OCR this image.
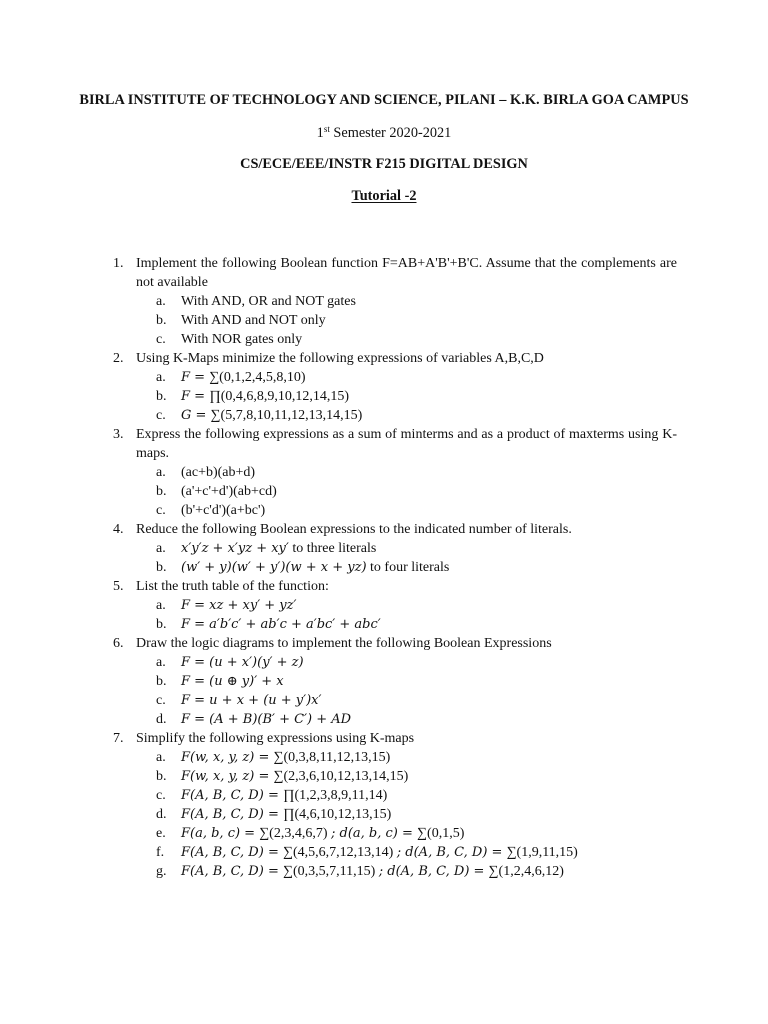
BIRLA INSTITUTE OF TECHNOLOGY AND SCIENCE, PILANI – K.K. BIRLA GOA CAMPUS
1st Semester 2020-2021
CS/ECE/EEE/INSTR F215 DIGITAL DESIGN
Tutorial -2
1. Implement the following Boolean function F=AB+A'B'+B'C. Assume that the complements are not available
a. With AND, OR and NOT gates
b. With AND and NOT only
c. With NOR gates only
2. Using K-Maps minimize the following expressions of variables A,B,C,D
a. F = ∑(0,1,2,4,5,8,10)
b. F = ∏(0,4,6,8,9,10,12,14,15)
c. G = ∑(5,7,8,10,11,12,13,14,15)
3. Express the following expressions as a sum of minterms and as a product of maxterms using K-maps.
a. (ac+b)(ab+d)
b. (a'+c'+d')(ab+cd)
c. (b'+c'd')(a+bc')
4. Reduce the following Boolean expressions to the indicated number of literals.
a. x′y′z + x′yz + xy′ to three literals
b. (w′ + y)(w′ + y′)(w + x + yz) to four literals
5. List the truth table of the function:
a. F = xz + xy′ + yz′
b. F = a′b′c′ + ab′c + a′bc′ + abc′
6. Draw the logic diagrams to implement the following Boolean Expressions
a. F = (u + x′)(y′ + z)
b. F = (u ⊕ y)′ + x
c. F = u + x + (u + y′)x′
d. F = (A + B)(B′ + C′) + AD
7. Simplify the following expressions using K-maps
a. F(w, x, y, z) = ∑(0,3,8,11,12,13,15)
b. F(w, x, y, z) = ∑(2,3,6,10,12,13,14,15)
c. F(A, B, C, D) = ∏(1,2,3,8,9,11,14)
d. F(A, B, C, D) = ∏(4,6,10,12,13,15)
e. F(a, b, c) = ∑(2,3,4,6,7) ; d(a, b, c) = ∑(0,1,5)
f. F(A, B, C, D) = ∑(4,5,6,7,12,13,14) ; d(A, B, C, D) = ∑(1,9,11,15)
g. F(A, B, C, D) = ∑(0,3,5,7,11,15) ; d(A, B, C, D) = ∑(1,2,4,6,12)
